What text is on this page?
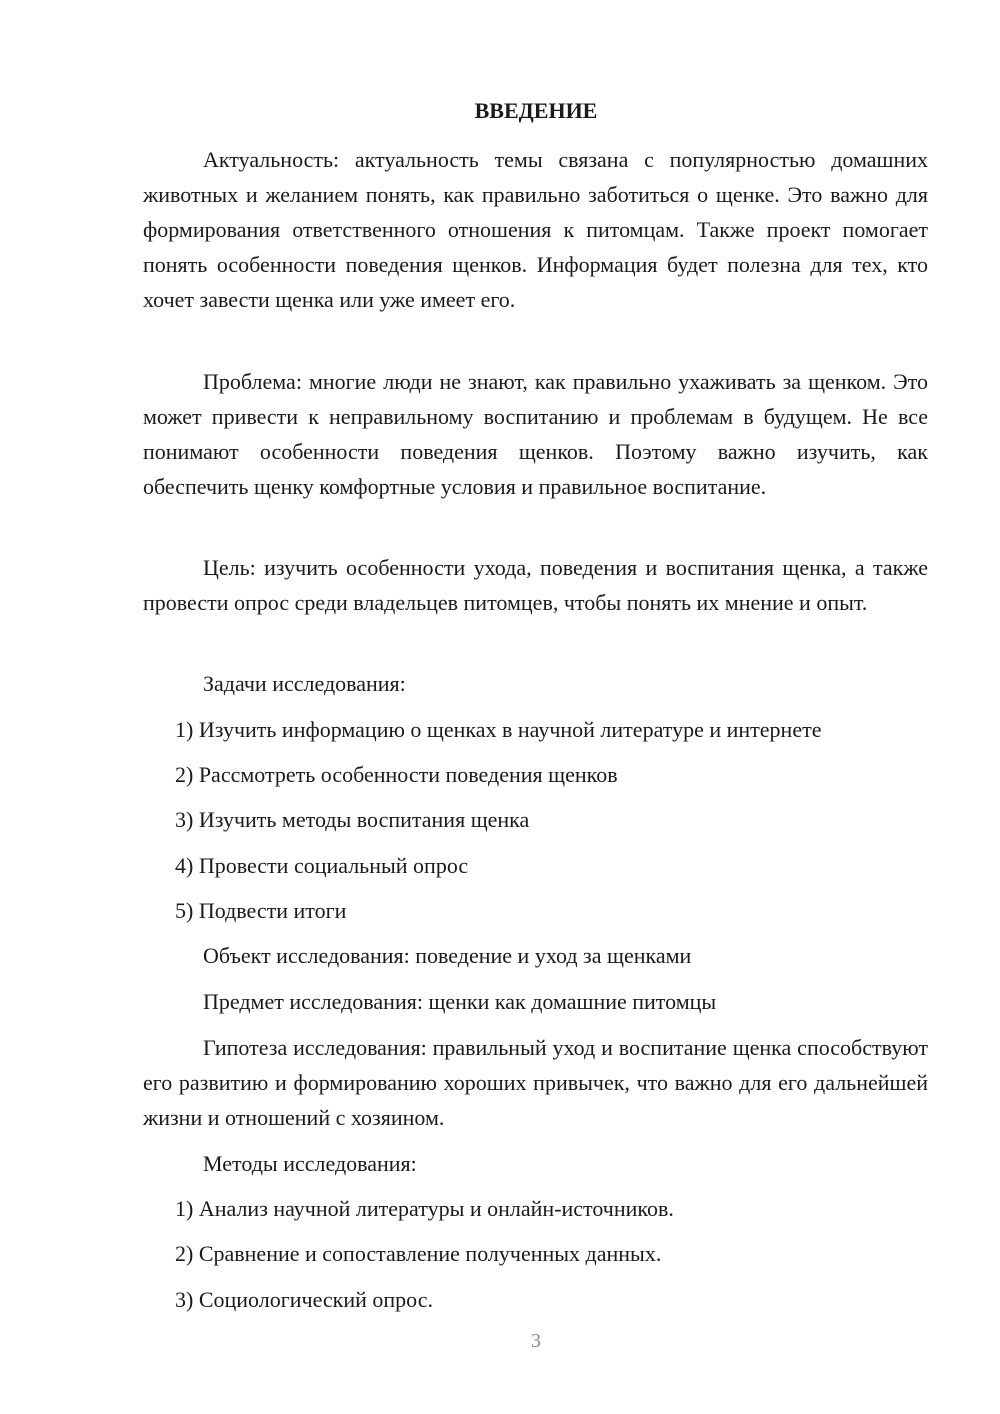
ВВЕДЕНИЕ

Актуальность: актуальность темы связана с популярностью домашних животных и желанием понять, как правильно заботиться о щенке. Это важно для формирования ответственного отношения к питомцам. Также проект помогает понять особенности поведения щенков. Информация будет полезна для тех, кто хочет завести щенка или уже имеет его.

Проблема: многие люди не знают, как правильно ухаживать за щенком. Это может привести к неправильному воспитанию и проблемам в будущем. Не все понимают особенности поведения щенков. Поэтому важно изучить, как обеспечить щенку комфортные условия и правильное воспитание.

Цель: изучить особенности ухода, поведения и воспитания щенка, а также провести опрос среди владельцев питомцев, чтобы понять их мнение и опыт.

Задачи исследования:

1) Изучить информацию о щенках в научной литературе и интернете

2) Рассмотреть особенности поведения щенков

3) Изучить методы воспитания щенка

4) Провести социальный опрос

5) Подвести итоги

Объект исследования: поведение и уход за щенками

Предмет исследования: щенки как домашние питомцы

Гипотеза исследования: правильный уход и воспитание щенка способствуют его развитию и формированию хороших привычек, что важно для его дальнейшей жизни и отношений с хозяином.

Методы исследования:

1) Анализ научной литературы и онлайн-источников.

2) Сравнение и сопоставление полученных данных.

3) Социологический опрос.

3
